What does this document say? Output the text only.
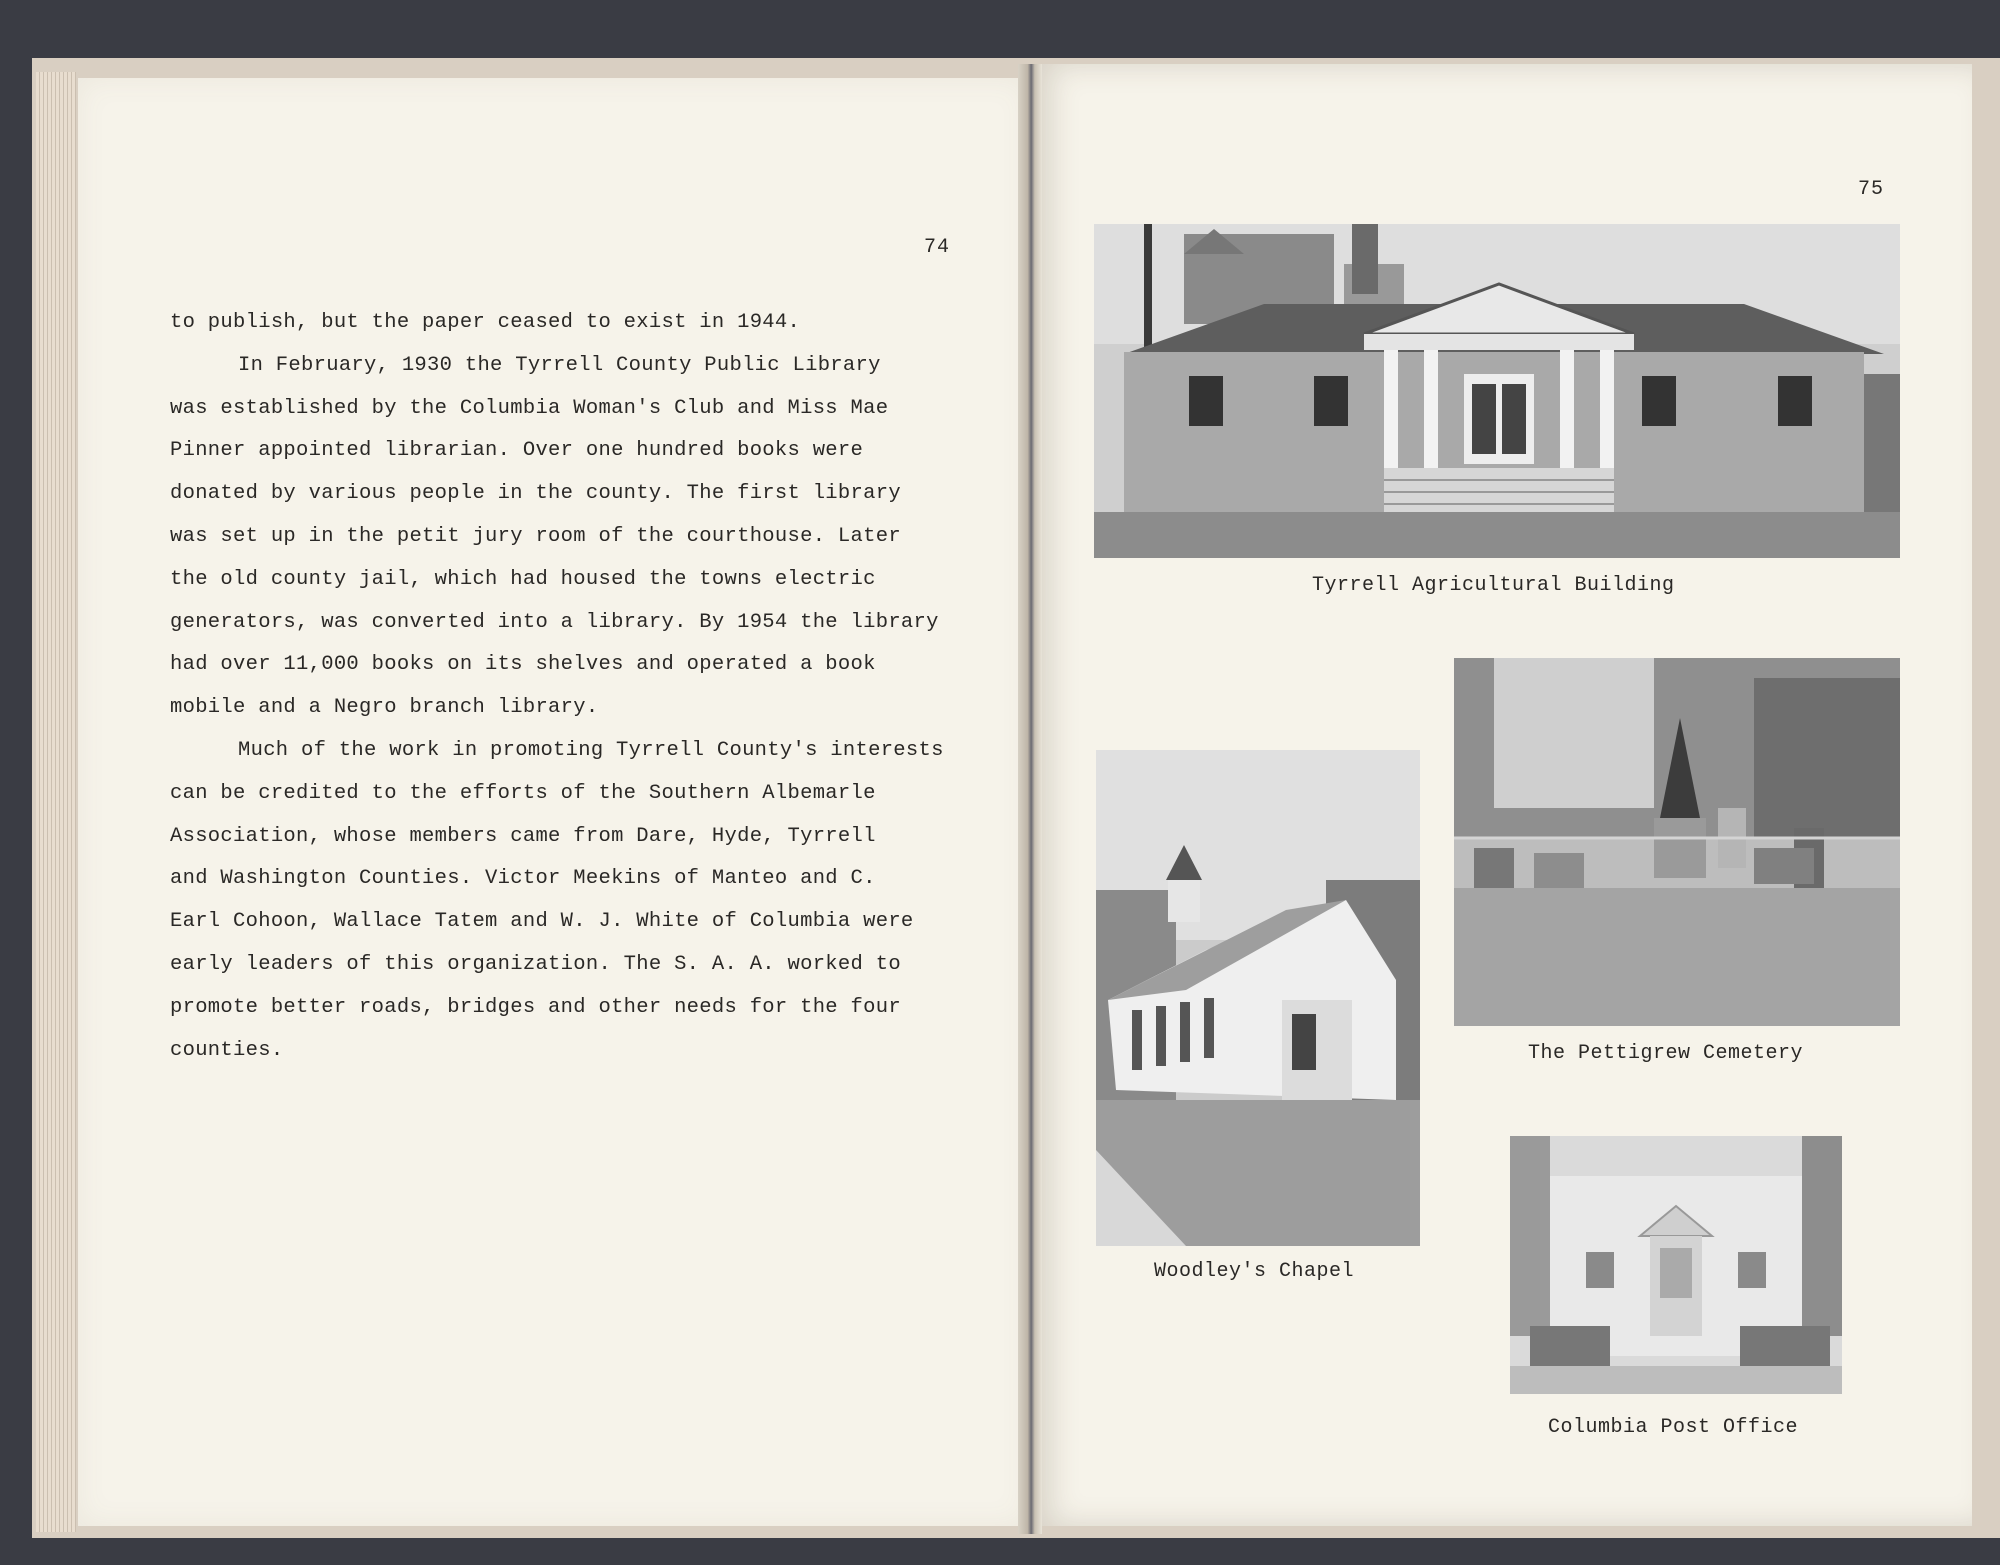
74
to publish, but the paper ceased to exist in 1944.
In February, 1930 the Tyrrell County Public Library
was established by the Columbia Woman's Club and Miss Mae
Pinner appointed librarian. Over one hundred books were
donated by various people in the county. The first library
was set up in the petit jury room of the courthouse. Later
the old county jail, which had housed the towns electric
generators, was converted into a library. By 1954 the library
had over 11,000 books on its shelves and operated a book
mobile and a Negro branch library.
Much of the work in promoting Tyrrell County's interests
can be credited to the efforts of the Southern Albemarle
Association, whose members came from Dare, Hyde, Tyrrell
and Washington Counties. Victor Meekins of Manteo and C.
Earl Cohoon, Wallace Tatem and W. J. White of Columbia were
early leaders of this organization. The S. A. A. worked to
promote better roads, bridges and other needs for the four
counties.
75
Tyrrell Agricultural Building
Woodley's Chapel
The Pettigrew Cemetery
Columbia Post Office
